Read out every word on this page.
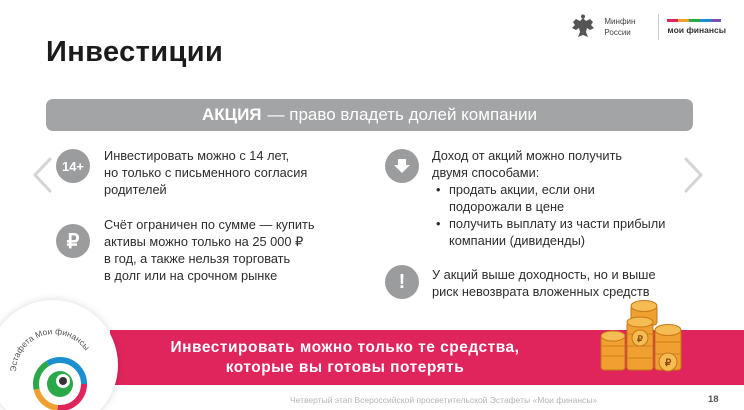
Минфин
России	мои финансы
Инвестиции
АКЦИЯ — право владеть долей компании
14+
Инвестировать можно с 14 лет,
но только с письменного согласия
родителей
₽
Счёт ограничен по сумме — купить
активы можно только на 25 000 ₽
в год, а также нельзя торговать
в долг или на срочном рынке
Доход от акций можно получить
двумя способами:
• продать акции, если они
подорожали в цене
• получить выплату из части прибыли
компании (дивиденды)
!	У акций выше доходность, но и выше
риск невозврата вложенных средств
Инвестировать можно только те средства,
которые вы готовы потерять	₽
₽
Эстафета Мои финансы
Четвертый этап Всероссийской просветительской Эстафеты «Мои финансы»	18
